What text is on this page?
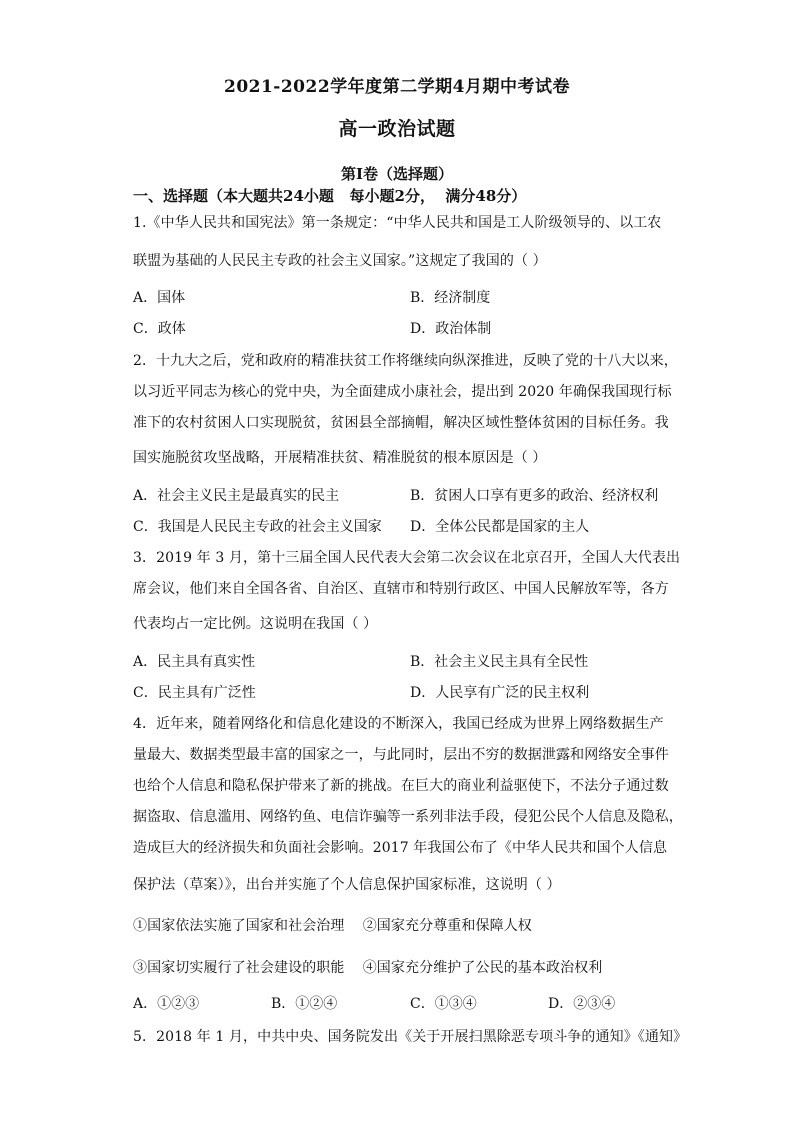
2021-2022学年度第二学期4月期中考试卷
高一政治试题
第I卷（选择题）
一、选择题（本大题共24小题   每小题2分，  满分48分）
1.《中华人民共和国宪法》第一条规定：“中华人民共和国是工人阶级领导的、以工农
联盟为基础的人民民主专政的社会主义国家。”这规定了我国的（ ）
A．国体	B．经济制度
C．政体	D．政治体制
2．十九大之后，党和政府的精准扶贫工作将继续向纵深推进，反映了党的十八大以来，
以习近平同志为核心的党中央，为全面建成小康社会，提出到 2020 年确保我国现行标
准下的农村贫困人口实现脱贫，贫困县全部摘帽，解决区域性整体贫困的目标任务。我
国实施脱贫攻坚战略，开展精准扶贫、精准脱贫的根本原因是（ ）
A．社会主义民主是最真实的民主	B．贫困人口享有更多的政治、经济权利
C．我国是人民民主专政的社会主义国家 D．全体公民都是国家的主人
3．2019 年 3 月，第十三届全国人民代表大会第二次会议在北京召开，全国人大代表出
席会议，他们来自全国各省、自治区、直辖市和特别行政区、中国人民解放军等，各方
代表均占一定比例。这说明在我国（ ）
A．民主具有真实性	B．社会主义民主具有全民性
C．民主具有广泛性	D．人民享有广泛的民主权利
4．近年来，随着网络化和信息化建设的不断深入，我国已经成为世界上网络数据生产
量最大、数据类型最丰富的国家之一，与此同时，层出不穷的数据泄露和网络安全事件
也给个人信息和隐私保护带来了新的挑战。在巨大的商业利益驱使下，不法分子通过数
据盗取、信息滥用、网络钓鱼、电信诈骗等一系列非法手段，侵犯公民个人信息及隐私，
造成巨大的经济损失和负面社会影响。2017 年我国公布了《中华人民共和国个人信息
保护法（草案）》，出台并实施了个人信息保护国家标准，这说明（ ）
①国家依法实施了国家和社会治理    ②国家充分尊重和保障人权
③国家切实履行了社会建设的职能    ④国家充分维护了公民的基本政治权利
A．①②③	B．①②④	C．①③④	D．②③④
5．2018 年 1 月，中共中央、国务院发出《关于开展扫黑除恶专项斗争的通知》《通知》
